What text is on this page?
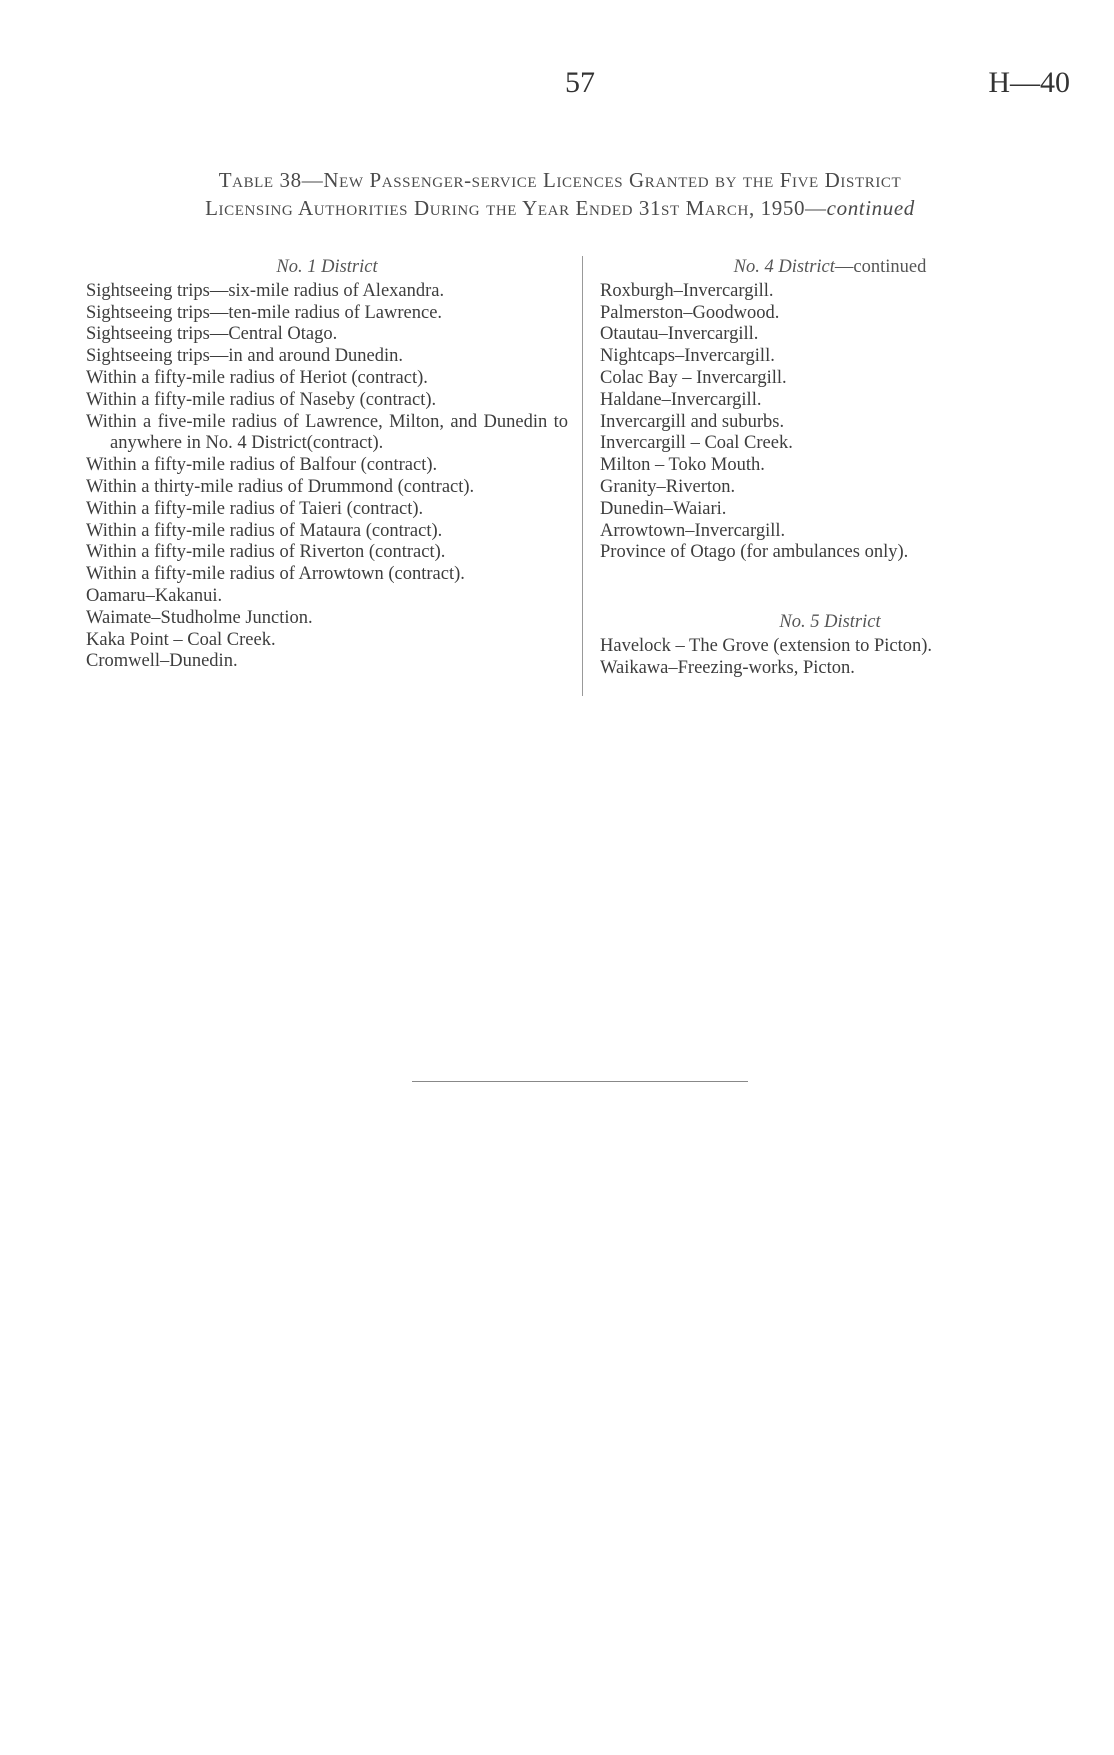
57	H—40
Table 38—New Passenger-service Licences Granted by the Five District
Licensing Authorities During the Year Ended 31st March, 1950—continued
No. 1 District

Sightseeing trips—six-mile radius of Alexandra.

Sightseeing trips—ten-mile radius of Lawrence.

Sightseeing trips—Central Otago.

Sightseeing trips—in and around Dunedin.

Within a fifty-mile radius of Heriot (contract).

Within a fifty-mile radius of Naseby (contract).

Within a five-mile radius of Lawrence, Milton, and Dunedin to anywhere in No. 4 District(contract).

Within a fifty-mile radius of Balfour (contract).

Within a thirty-mile radius of Drummond (contract).

Within a fifty-mile radius of Taieri (contract).

Within a fifty-mile radius of Mataura (contract).

Within a fifty-mile radius of Riverton (contract).

Within a fifty-mile radius of Arrowtown (contract).

Oamaru–Kakanui.

Waimate–Studholme Junction.

Kaka Point – Coal Creek.

Cromwell–Dunedin.

No. 4 District—continued

Roxburgh–Invercargill.

Palmerston–Goodwood.

Otautau–Invercargill.

Nightcaps–Invercargill.

Colac Bay – Invercargill.

Haldane–Invercargill.

Invercargill and suburbs.

Invercargill – Coal Creek.

Milton – Toko Mouth.

Granity–Riverton.

Dunedin–Waiari.

Arrowtown–Invercargill.

Province of Otago (for ambulances only).

No. 5 District

Havelock – The Grove (extension to Picton).

Waikawa–Freezing-works, Picton.
